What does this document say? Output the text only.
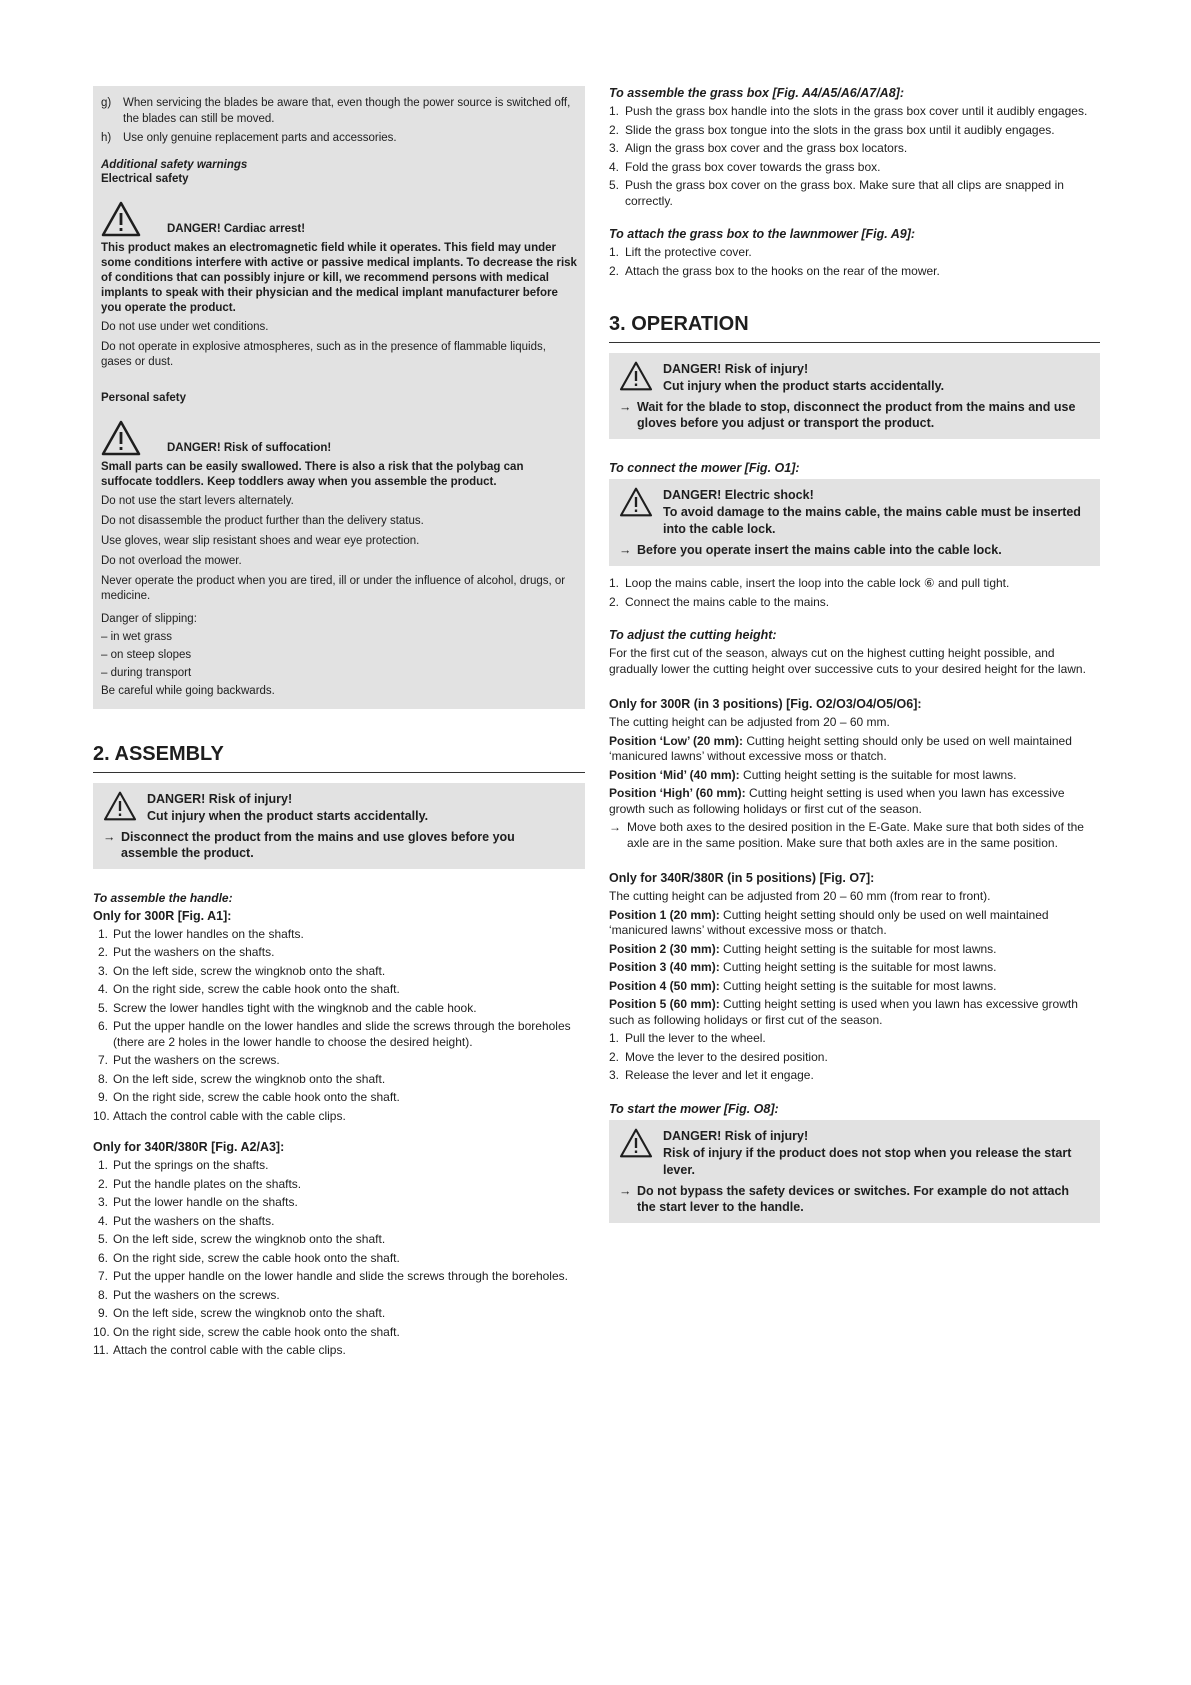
g)	When servicing the blades be aware that, even though the power source is switched off, the blades can still be moved.
h)	Use only genuine replacement parts and accessories.
Additional safety warnings
Electrical safety
DANGER! Cardiac arrest!

This product makes an electromagnetic field while it operates. This field may under some conditions interfere with active or passive medical implants. To decrease the risk of conditions that can possibly injure or kill, we recommend persons with medical implants to speak with their physician and the medical implant manufacturer before you operate the product.

Do not use under wet conditions.

Do not operate in explosive atmospheres, such as in the presence of flammable liquids, gases or dust.

Personal safety
DANGER! Risk of suffocation!

Small parts can be easily swallowed. There is also a risk that the polybag can suffocate toddlers. Keep toddlers away when you assemble the product.

Do not use the start levers alternately.

Do not disassemble the product further than the delivery status.

Use gloves, wear slip resistant shoes and wear eye protection.

Do not overload the mower.

Never operate the product when you are tired, ill or under the influence of alcohol, drugs, or medicine.

Danger of slipping:

– in wet grass

– on steep slopes

– during transport

Be careful while going backwards.

2. ASSEMBLY
DANGER! Risk of injury!
Cut injury when the product starts accidentally.
→ Disconnect the product from the mains and use gloves before you assemble the product.
To assemble the handle:
Only for 300R [Fig. A1]:
1. Put the lower handles on the shafts.
2. Put the washers on the shafts.
3. On the left side, screw the wingknob onto the shaft.
4. On the right side, screw the cable hook onto the shaft.
5. Screw the lower handles tight with the wingknob and the cable hook.
6. Put the upper handle on the lower handles and slide the screws through the boreholes (there are 2 holes in the lower handle to choose the desired height).
7. Put the washers on the screws.
8. On the left side, screw the wingknob onto the shaft.
9. On the right side, screw the cable hook onto the shaft.
10. Attach the control cable with the cable clips.
Only for 340R/380R [Fig. A2/A3]:
1. Put the springs on the shafts.
2. Put the handle plates on the shafts.
3. Put the lower handle on the shafts.
4. Put the washers on the shafts.
5. On the left side, screw the wingknob onto the shaft.
6. On the right side, screw the cable hook onto the shaft.
7. Put the upper handle on the lower handle and slide the screws through the boreholes.
8. Put the washers on the screws.
9. On the left side, screw the wingknob onto the shaft.
10. On the right side, screw the cable hook onto the shaft.
11. Attach the control cable with the cable clips.
To assemble the grass box [Fig. A4/A5/A6/A7/A8]:
1. Push the grass box handle into the slots in the grass box cover until it audibly engages.
2. Slide the grass box tongue into the slots in the grass box until it audibly engages.
3. Align the grass box cover and the grass box locators.
4. Fold the grass box cover towards the grass box.
5. Push the grass box cover on the grass box. Make sure that all clips are snapped in correctly.
To attach the grass box to the lawnmower [Fig. A9]:
1. Lift the protective cover.
2. Attach the grass box to the hooks on the rear of the mower.
3. OPERATION
DANGER! Risk of injury!
Cut injury when the product starts accidentally.
→ Wait for the blade to stop, disconnect the product from the mains and use gloves before you adjust or transport the product.
To connect the mower [Fig. O1]:
DANGER! Electric shock!
To avoid damage to the mains cable, the mains cable must be inserted into the cable lock.
→ Before you operate insert the mains cable into the cable lock.
1. Loop the mains cable, insert the loop into the cable lock ⑥ and pull tight.
2. Connect the mains cable to the mains.
To adjust the cutting height:

For the first cut of the season, always cut on the highest cutting height possible, and gradually lower the cutting height over successive cuts to your desired height for the lawn.

Only for 300R (in 3 positions) [Fig. O2/O3/O4/O5/O6]:

The cutting height can be adjusted from 20 – 60 mm.

Position ‘Low’ (20 mm): Cutting height setting should only be used on well maintained ‘manicured lawns’ without excessive moss or thatch.

Position ‘Mid’ (40 mm): Cutting height setting is the suitable for most lawns.

Position ‘High’ (60 mm): Cutting height setting is used when you lawn has excessive growth such as following holidays or first cut of the season.

→ Move both axes to the desired position in the E-Gate. Make sure that both sides of the axle are in the same position. Make sure that both axles are in the same position.
Only for 340R/380R (in 5 positions) [Fig. O7]:

The cutting height can be adjusted from 20 – 60 mm (from rear to front).

Position 1 (20 mm): Cutting height setting should only be used on well maintained ‘manicured lawns’ without excessive moss or thatch.

Position 2 (30 mm): Cutting height setting is the suitable for most lawns.

Position 3 (40 mm): Cutting height setting is the suitable for most lawns.

Position 4 (50 mm): Cutting height setting is the suitable for most lawns.

Position 5 (60 mm): Cutting height setting is used when you lawn has excessive growth such as following holidays or first cut of the season.

1. Pull the lever to the wheel.
2. Move the lever to the desired position.
3. Release the lever and let it engage.
To start the mower [Fig. O8]:
DANGER! Risk of injury!
Risk of injury if the product does not stop when you release the start lever.
→ Do not bypass the safety devices or switches. For example do not attach the start lever to the handle.
